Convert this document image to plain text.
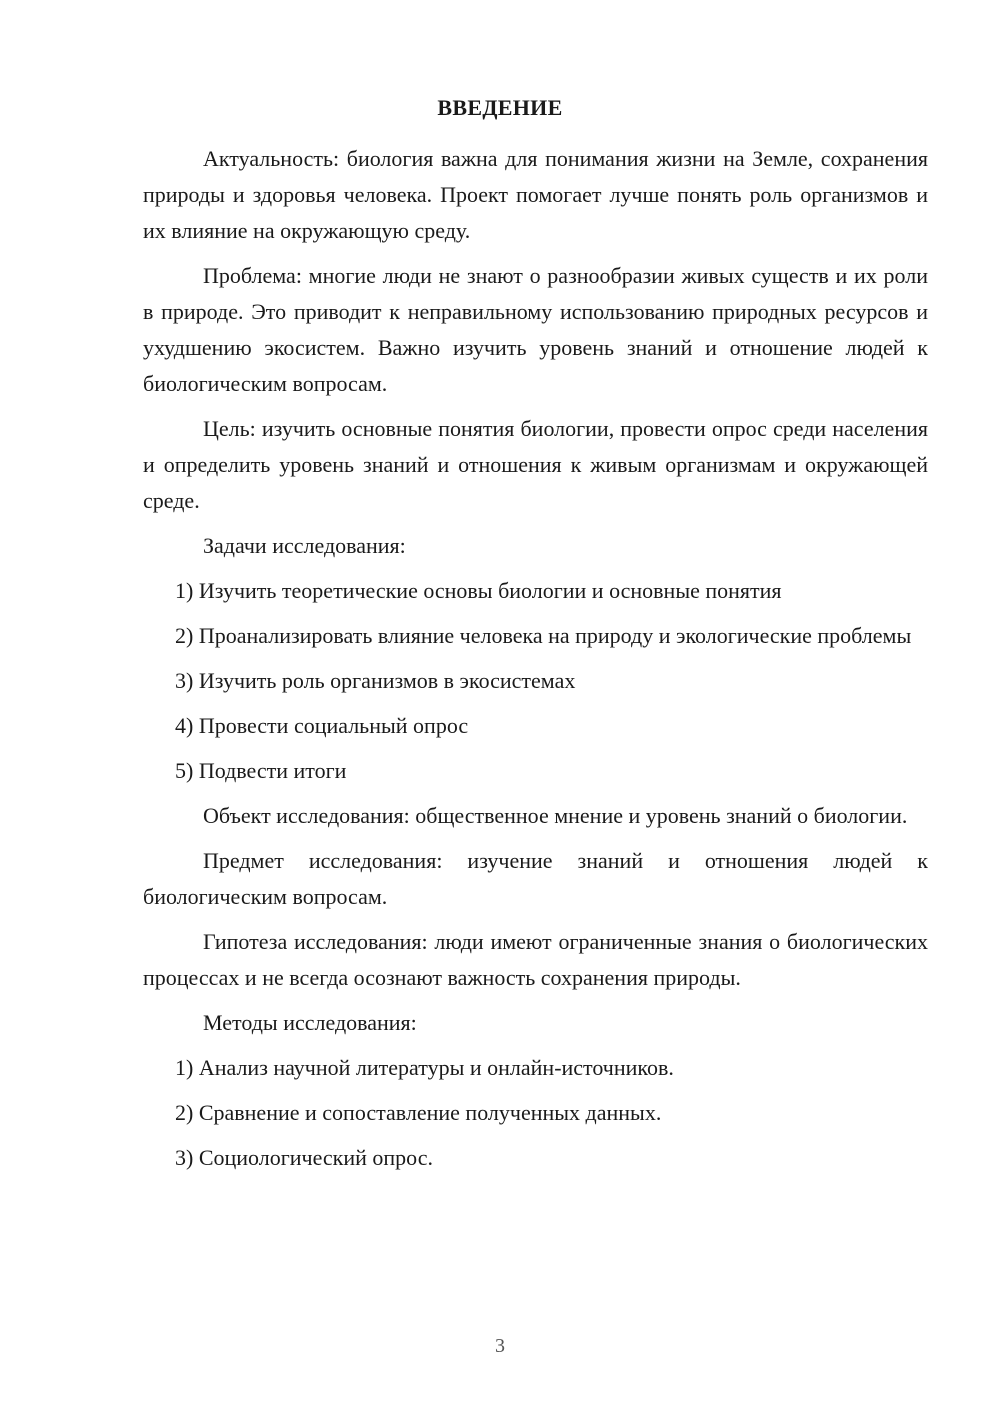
ВВЕДЕНИЕ

Актуальность: биология важна для понимания жизни на Земле, сохранения природы и здоровья человека. Проект помогает лучше понять роль организмов и их влияние на окружающую среду.

Проблема: многие люди не знают о разнообразии живых существ и их роли в природе. Это приводит к неправильному использованию природных ресурсов и ухудшению экосистем. Важно изучить уровень знаний и отношение людей к биологическим вопросам.

Цель: изучить основные понятия биологии, провести опрос среди населения и определить уровень знаний и отношения к живым организмам и окружающей среде.

Задачи исследования:

1) Изучить теоретические основы биологии и основные понятия

2) Проанализировать влияние человека на природу и экологические проблемы

3) Изучить роль организмов в экосистемах

4) Провести социальный опрос

5) Подвести итоги

Объект исследования: общественное мнение и уровень знаний о биологии.

Предмет исследования: изучение знаний и отношения людей к биологическим вопросам.

Гипотеза исследования: люди имеют ограниченные знания о биологических процессах и не всегда осознают важность сохранения природы.

Методы исследования:

1) Анализ научной литературы и онлайн-источников.

2) Сравнение и сопоставление полученных данных.

3) Социологический опрос.

3
